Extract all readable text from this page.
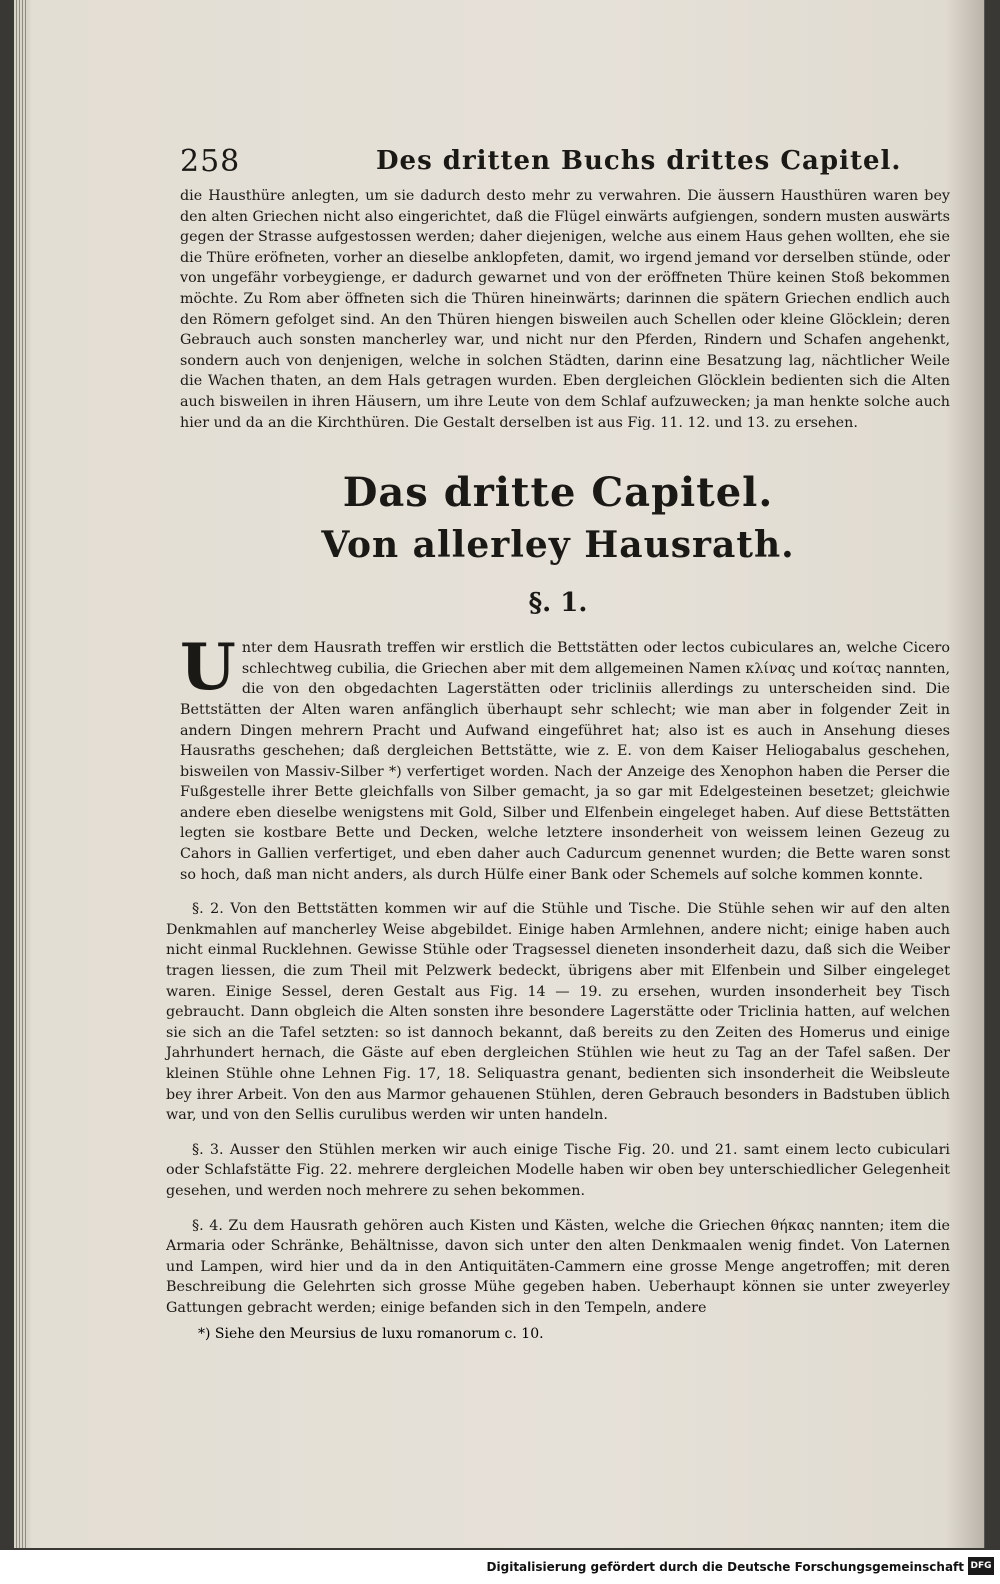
258	Des dritten Buchs drittes Capitel.

die Hausthüre anlegten, um sie dadurch desto mehr zu verwahren. Die äussern Hausthüren waren bey den alten Griechen nicht also eingerichtet, daß die Flügel einwärts aufgiengen, sondern musten auswärts gegen der Strasse aufgestossen werden; daher diejenigen, welche aus einem Haus gehen wollten, ehe sie die Thüre eröfneten, vorher an dieselbe anklopfeten, damit, wo irgend jemand vor derselben stünde, oder von ungefähr vorbeygienge, er dadurch gewarnet und von der eröffneten Thüre keinen Stoß bekommen möchte. Zu Rom aber öffneten sich die Thüren hineinwärts; darinnen die spätern Griechen endlich auch den Römern gefolget sind. An den Thüren hiengen bisweilen auch Schellen oder kleine Glöcklein; deren Gebrauch auch sonsten mancherley war, und nicht nur den Pferden, Rindern und Schafen angehenkt, sondern auch von denjenigen, welche in solchen Städten, darinn eine Besatzung lag, nächtlicher Weile die Wachen thaten, an dem Hals getragen wurden. Eben dergleichen Glöcklein bedienten sich die Alten auch bisweilen in ihren Häusern, um ihre Leute von dem Schlaf aufzuwecken; ja man henkte solche auch hier und da an die Kirchthüren. Die Gestalt derselben ist aus Fig. 11. 12. und 13. zu ersehen.

Das dritte Capitel.
Von allerley Hausrath.
§. 1.
U nter dem Hausrath treffen wir erstlich die Bettstätten oder lectos cubiculares an, welche Cicero schlechtweg cubilia, die Griechen aber mit dem allgemeinen Namen κλίνας und κοίτας nannten, die von den obgedachten Lagerstätten oder tricliniis allerdings zu unterscheiden sind. Die Bettstätten der Alten waren anfänglich überhaupt sehr schlecht; wie man aber in folgender Zeit in andern Dingen mehrern Pracht und Aufwand eingeführet hat; also ist es auch in Ansehung dieses Hausraths geschehen; daß dergleichen Bettstätte, wie z. E. von dem Kaiser Heliogabalus geschehen, bisweilen von Massiv-Silber *) verfertiget worden. Nach der Anzeige des Xenophon haben die Perser die Fußgestelle ihrer Bette gleichfalls von Silber gemacht, ja so gar mit Edelgesteinen besetzet; gleichwie andere eben dieselbe wenigstens mit Gold, Silber und Elfenbein eingeleget haben. Auf diese Bettstätten legten sie kostbare Bette und Decken, welche letztere insonderheit von weissem leinen Gezeug zu Cahors in Gallien verfertiget, und eben daher auch Cadurcum genennet wurden; die Bette waren sonst so hoch, daß man nicht anders, als durch Hülfe einer Bank oder Schemels auf solche kommen konnte.

§. 2. Von den Bettstätten kommen wir auf die Stühle und Tische. Die Stühle sehen wir auf den alten Denkmahlen auf mancherley Weise abgebildet. Einige haben Armlehnen, andere nicht; einige haben auch nicht einmal Rucklehnen. Gewisse Stühle oder Tragsessel dieneten insonderheit dazu, daß sich die Weiber tragen liessen, die zum Theil mit Pelzwerk bedeckt, übrigens aber mit Elfenbein und Silber eingeleget waren. Einige Sessel, deren Gestalt aus Fig. 14 — 19. zu ersehen, wurden insonderheit bey Tisch gebraucht. Dann obgleich die Alten sonsten ihre besondere Lagerstätte oder Triclinia hatten, auf welchen sie sich an die Tafel setzten: so ist dannoch bekannt, daß bereits zu den Zeiten des Homerus und einige Jahrhundert hernach, die Gäste auf eben dergleichen Stühlen wie heut zu Tag an der Tafel saßen. Der kleinen Stühle ohne Lehnen Fig. 17, 18. Seliquastra genant, bedienten sich insonderheit die Weibsleute bey ihrer Arbeit. Von den aus Marmor gehauenen Stühlen, deren Gebrauch besonders in Badstuben üblich war, und von den Sellis curulibus werden wir unten handeln.

§. 3. Ausser den Stühlen merken wir auch einige Tische Fig. 20. und 21. samt einem lecto cubiculari oder Schlafstätte Fig. 22. mehrere dergleichen Modelle haben wir oben bey unterschiedlicher Gelegenheit gesehen, und werden noch mehrere zu sehen bekommen.

§. 4. Zu dem Hausrath gehören auch Kisten und Kästen, welche die Griechen θήκας nannten; item die Armaria oder Schränke, Behältnisse, davon sich unter den alten Denkmaalen wenig findet. Von Laternen und Lampen, wird hier und da in den Antiquitäten-Cammern eine grosse Menge angetroffen; mit deren Beschreibung die Gelehrten sich grosse Mühe gegeben haben. Ueberhaupt können sie unter zweyerley Gattungen gebracht werden; einige befanden sich in den Tempeln, andere

*) Siehe den Meursius de luxu romanorum c. 10.
Digitalisierung gefördert durch die Deutsche Forschungsgemeinschaft DFG
